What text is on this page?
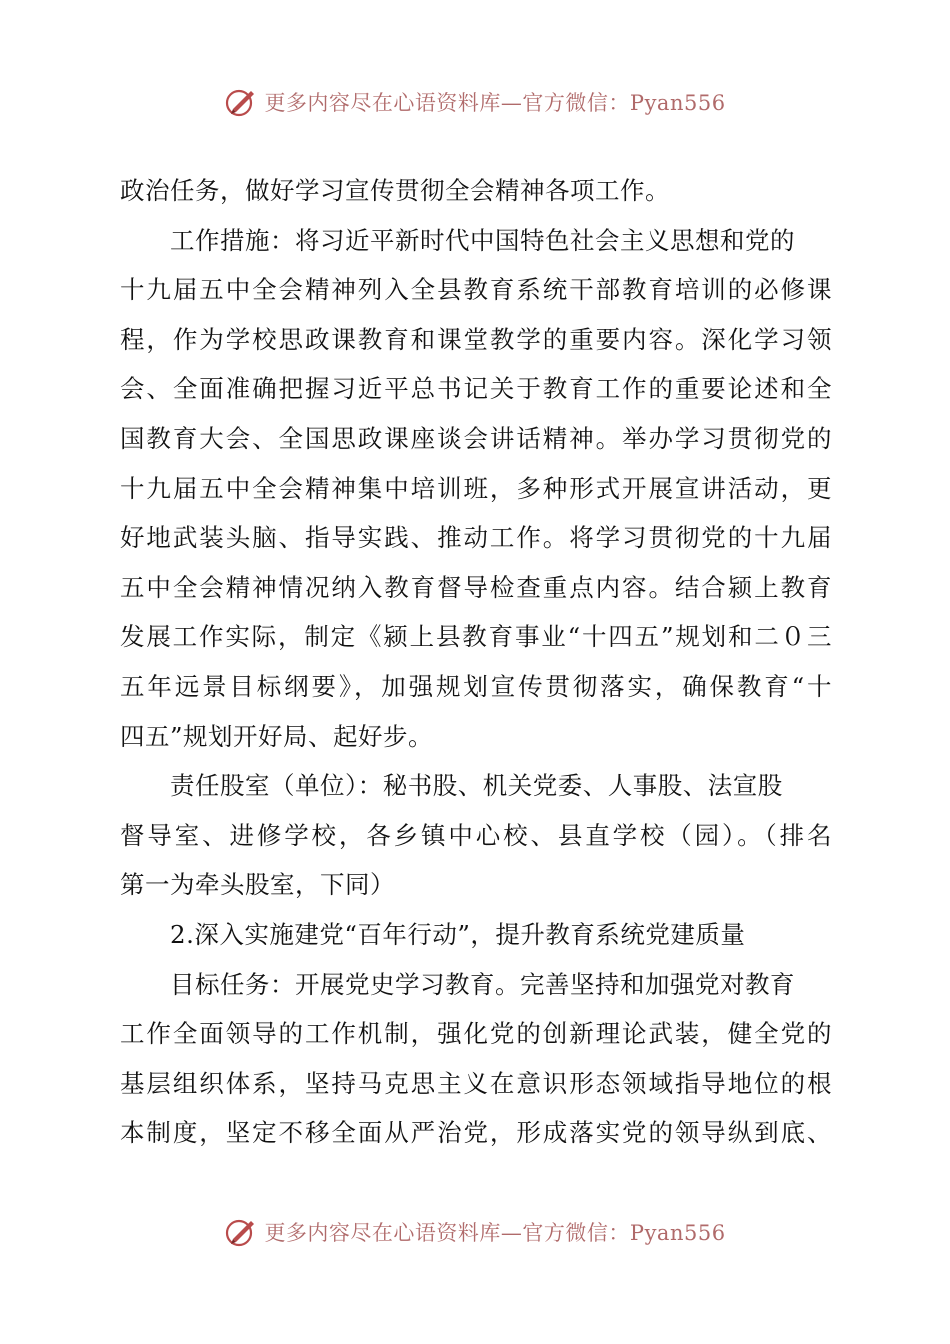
更多内容尽在心语资料库—官方微信：Pyan556
政治任务，做好学习宣传贯彻全会精神各项工作。
工作措施：将习近平新时代中国特色社会主义思想和党的
十九届五中全会精神列入全县教育系统干部教育培训的必修课
程，作为学校思政课教育和课堂教学的重要内容。深化学习领
会、全面准确把握习近平总书记关于教育工作的重要论述和全
国教育大会、全国思政课座谈会讲话精神。举办学习贯彻党的
十九届五中全会精神集中培训班，多种形式开展宣讲活动，更
好地武装头脑、指导实践、推动工作。将学习贯彻党的十九届
五中全会精神情况纳入教育督导检查重点内容。结合颍上教育
发展工作实际，制定《颍上县教育事业“十四五”规划和二０三
五年远景目标纲要》，加强规划宣传贯彻落实，确保教育“十
四五”规划开好局、起好步。
责任股室（单位）：秘书股、机关党委、人事股、法宣股
督导室、进修学校，各乡镇中心校、县直学校（园）。（排名
第一为牵头股室，下同）
2.深入实施建党“百年行动”，提升教育系统党建质量
目标任务：开展党史学习教育。完善坚持和加强党对教育
工作全面领导的工作机制，强化党的创新理论武装，健全党的
基层组织体系，坚持马克思主义在意识形态领域指导地位的根
本制度，坚定不移全面从严治党，形成落实党的领导纵到底、
更多内容尽在心语资料库—官方微信：Pyan556
